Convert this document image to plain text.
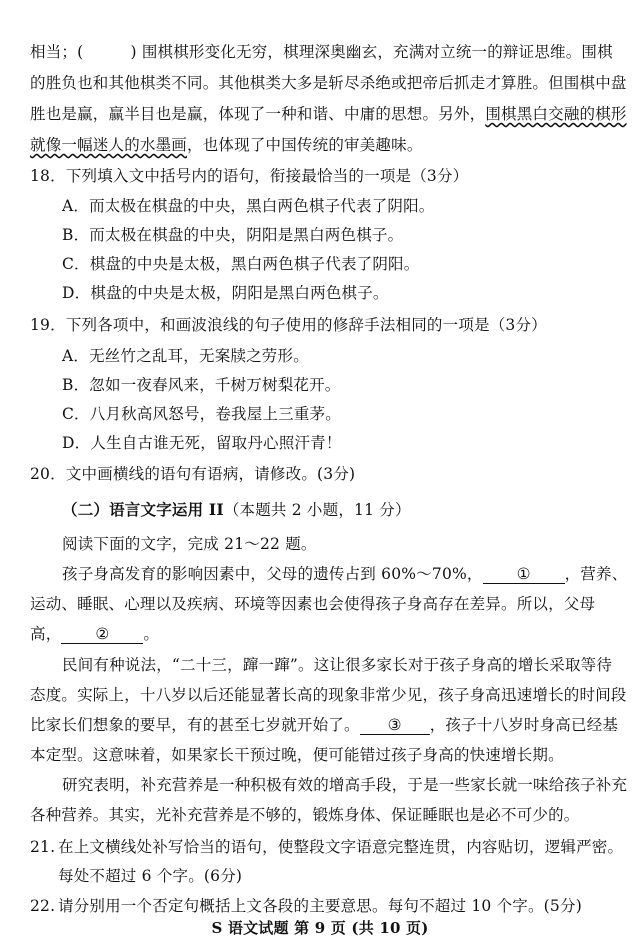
相当；(　　　) 围棋棋形变化无穷，棋理深奥幽玄，充满对立统一的辩证思维。围棋
的胜负也和其他棋类不同。其他棋类大多是斩尽杀绝或把帝后抓走才算胜。但围棋中盘
胜也是赢，赢半目也是赢，体现了一种和谐、中庸的思想。另外，围棋黑白交融的棋形
就像一幅迷人的水墨画，也体现了中国传统的审美趣味。
18．下列填入文中括号内的语句，衔接最恰当的一项是（3分）
A．而太极在棋盘的中央，黑白两色棋子代表了阴阳。
B．而太极在棋盘的中央，阴阳是黑白两色棋子。
C．棋盘的中央是太极，黑白两色棋子代表了阴阳。
D．棋盘的中央是太极，阴阳是黑白两色棋子。
19．下列各项中，和画波浪线的句子使用的修辞手法相同的一项是（3分）
A．无丝竹之乱耳，无案牍之劳形。
B．忽如一夜春风来，千树万树梨花开。
C．八月秋高风怒号，卷我屋上三重茅。
D．人生自古谁无死，留取丹心照汗青！
20．文中画横线的语句有语病，请修改。(3分)
（二）语言文字运用 II（本题共 2 小题，11 分）
阅读下面的文字，完成 21～22 题。
孩子身高发育的影响因素中，父母的遗传占到 60%～70%， ① ，营养、
运动、睡眠、心理以及疾病、环境等因素也会使得孩子身高存在差异。所以，父母
高， ② 。
民间有种说法，“二十三，蹿一蹿”。这让很多家长对于孩子身高的增长采取等待
态度。实际上，十八岁以后还能显著长高的现象非常少见，孩子身高迅速增长的时间段
比家长们想象的要早，有的甚至七岁就开始了。 ③ ，孩子十八岁时身高已经基
本定型。这意味着，如果家长干预过晚，便可能错过孩子身高的快速增长期。
研究表明，补充营养是一种积极有效的增高手段，于是一些家长就一味给孩子补充
各种营养。其实，光补充营养是不够的，锻炼身体、保证睡眠也是必不可少的。
21. 在上文横线处补写恰当的语句，使整段文字语意完整连贯，内容贴切，逻辑严密。
每处不超过 6 个字。(6分)
22. 请分别用一个否定句概括上文各段的主要意思。每句不超过 10 个字。(5分)
S 语文试题 第 9 页 (共 10 页)
